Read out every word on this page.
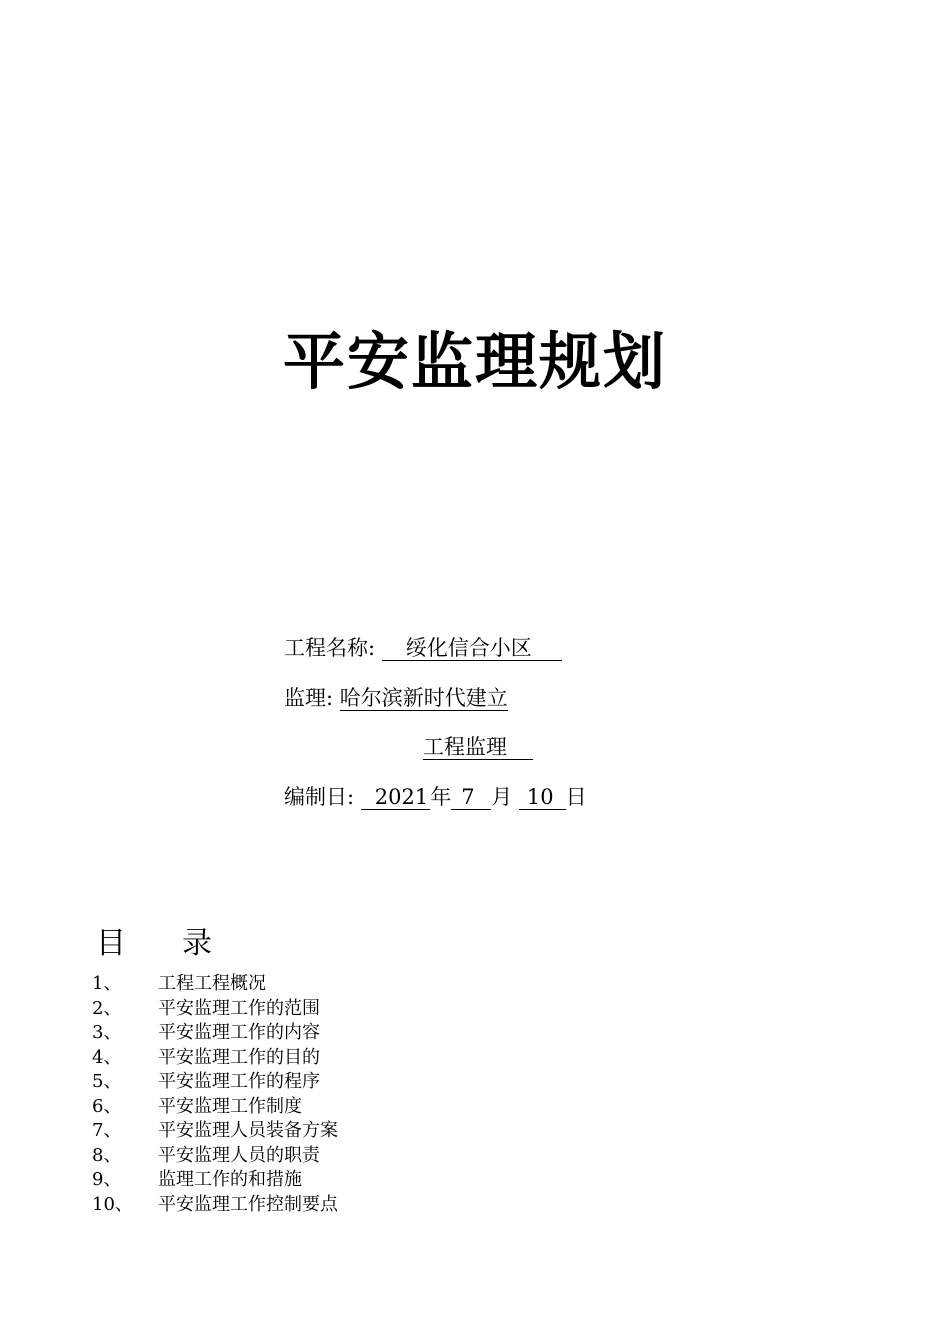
平安监理规划
工程名称: 绥化信合小区
监理: 哈尔滨新时代建立
工程监理
编制日: 2021年 7 月 10 日
目 录
1、 工程工程概况
2、 平安监理工作的范围
3、 平安监理工作的内容
4、 平安监理工作的目的
5、 平安监理工作的程序
6、 平安监理工作制度
7、 平安监理人员装备方案
8、 平安监理人员的职责
9、 监理工作的和措施
10、 平安监理工作控制要点
